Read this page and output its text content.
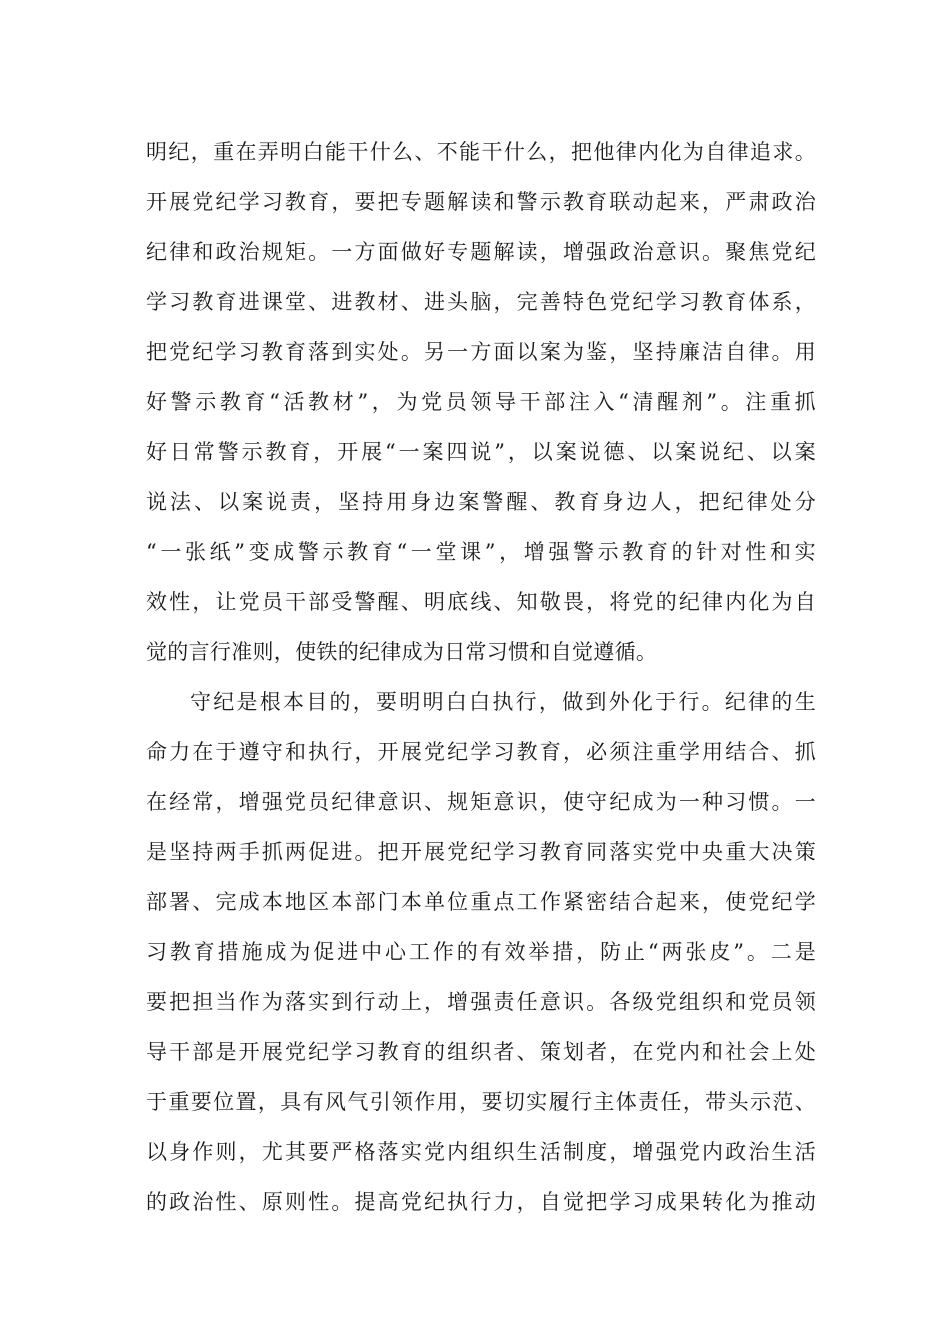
明纪，重在弄明白能干什么、不能干什么，把他律内化为自律追求。
开展党纪学习教育，要把专题解读和警示教育联动起来，严肃政治
纪律和政治规矩。一方面做好专题解读，增强政治意识。聚焦党纪
学习教育进课堂、进教材、进头脑，完善特色党纪学习教育体系，
把党纪学习教育落到实处。另一方面以案为鉴，坚持廉洁自律。用
好警示教育“活教材”，为党员领导干部注入“清醒剂”。注重抓
好日常警示教育，开展“一案四说”，以案说德、以案说纪、以案
说法、以案说责，坚持用身边案警醒、教育身边人，把纪律处分
“一张纸”变成警示教育“一堂课”，增强警示教育的针对性和实
效性，让党员干部受警醒、明底线、知敬畏，将党的纪律内化为自
觉的言行准则，使铁的纪律成为日常习惯和自觉遵循。
守纪是根本目的，要明明白白执行，做到外化于行。纪律的生
命力在于遵守和执行，开展党纪学习教育，必须注重学用结合、抓
在经常，增强党员纪律意识、规矩意识，使守纪成为一种习惯。一
是坚持两手抓两促进。把开展党纪学习教育同落实党中央重大决策
部署、完成本地区本部门本单位重点工作紧密结合起来，使党纪学
习教育措施成为促进中心工作的有效举措，防止“两张皮”。二是
要把担当作为落实到行动上，增强责任意识。各级党组织和党员领
导干部是开展党纪学习教育的组织者、策划者，在党内和社会上处
于重要位置，具有风气引领作用，要切实履行主体责任，带头示范、
以身作则，尤其要严格落实党内组织生活制度，增强党内政治生活
的政治性、原则性。提高党纪执行力，自觉把学习成果转化为推动
